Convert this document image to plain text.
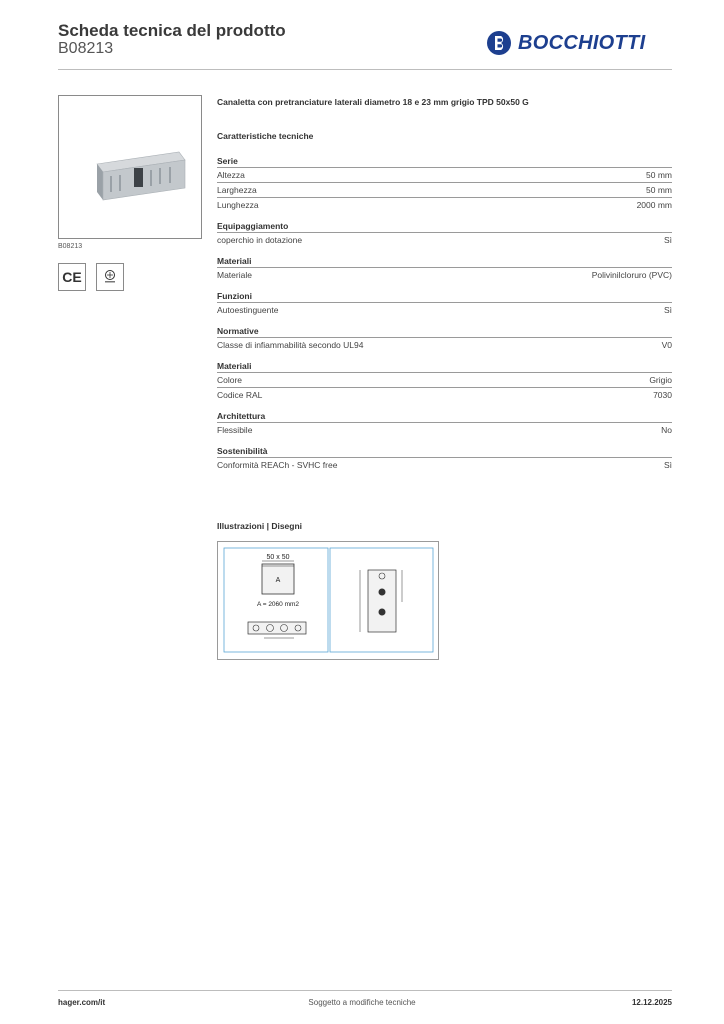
Scheda tecnica del prodotto
B08213	BOCCHIOTTI
B08213
CE
Canaletta con pretranciature laterali diametro 18 e 23 mm grigio TPD 50x50 G
Caratteristiche tecniche
Serie
Altezza	50 mm
Larghezza	50 mm
Lunghezza	2000 mm
Equipaggiamento
coperchio in dotazione	Sì
Materiali
Materiale	Polivinilcloruro (PVC)
Funzioni
Autoestinguente	Sì
Normative
Classe di infiammabilità secondo UL94	V0
Materiali
Colore	Grigio
Codice RAL	7030
Architettura
Flessibile	No
Sostenibilità
Conformità REACh - SVHC free	Sì
Illustrazioni | Disegni
50 x 50
A
A = 2060 mm2
hager.com/it	Soggetto a modifiche tecniche	12.12.2025
